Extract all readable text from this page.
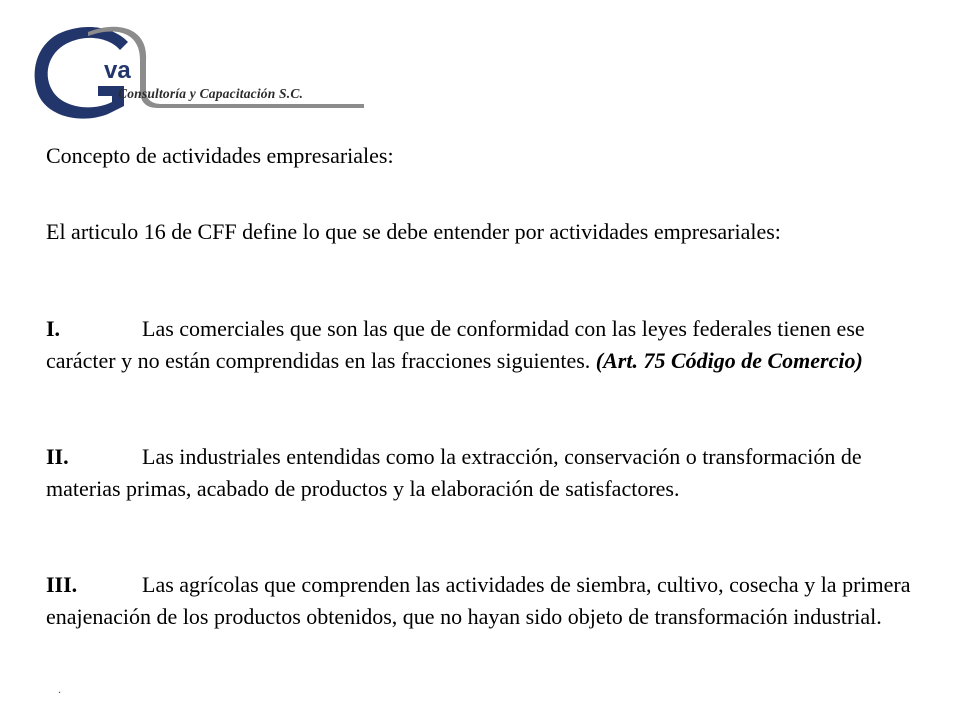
va
Consultoría y Capacitación S.C.
Concepto de actividades empresariales:
El articulo 16 de CFF define lo que se debe entender por actividades empresariales:
I.	Las comerciales que son las que de conformidad con las leyes federales tienen ese carácter y no están comprendidas en las fracciones siguientes. (Art. 75 Código de Comercio)
II.	Las industriales entendidas como la extracción, conservación o transformación de materias primas, acabado de productos y la elaboración de satisfactores.
III.	Las agrícolas que comprenden las actividades de siembra, cultivo, cosecha y la primera enajenación de los productos obtenidos, que no hayan sido objeto de transformación industrial.
.
